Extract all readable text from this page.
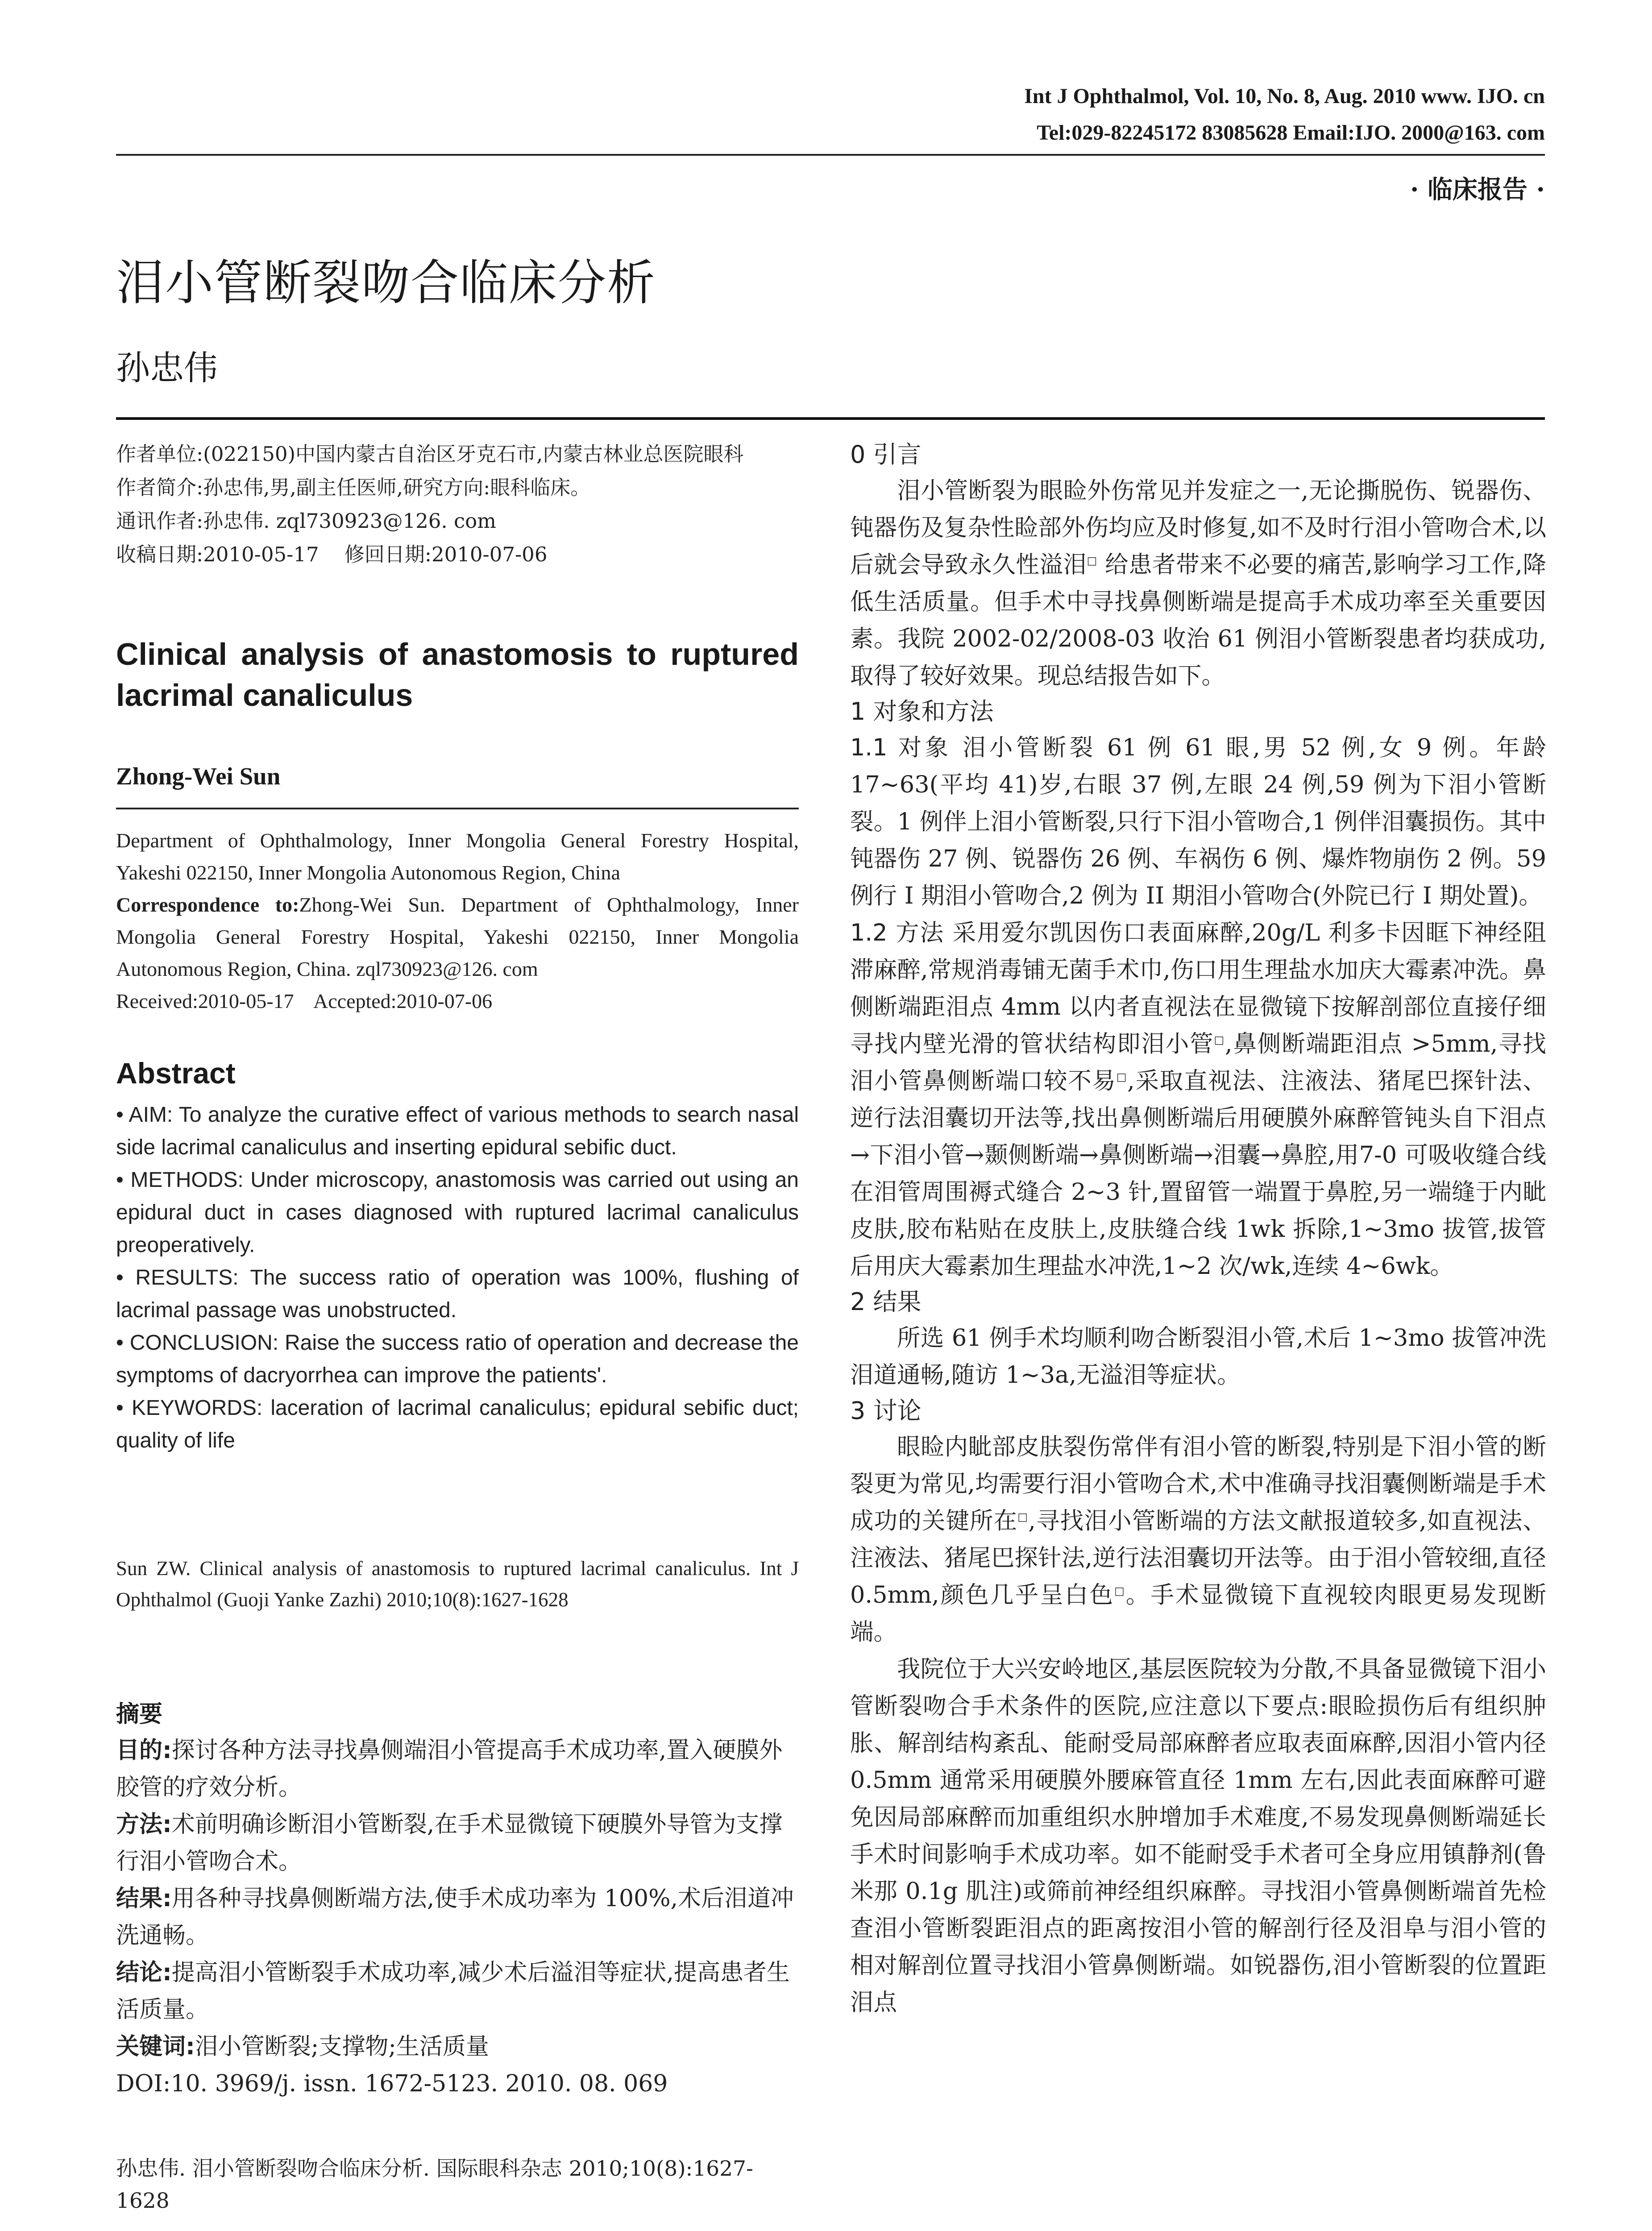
Int J Ophthalmol, Vol. 10, No. 8, Aug. 2010 www. IJO. cn
Tel:029-82245172 83085628 Email:IJO. 2000@163. com
· 临床报告 ·
泪小管断裂吻合临床分析
孙忠伟
作者单位:(022150)中国内蒙古自治区牙克石市,内蒙古林业总医院眼科
作者简介:孙忠伟,男,副主任医师,研究方向:眼科临床。
通讯作者:孙忠伟. zql730923@126. com
收稿日期:2010-05-17    修回日期:2010-07-06
Clinical analysis of anastomosis to ruptured lacrimal canaliculus
Zhong-Wei Sun
Department of Ophthalmology, Inner Mongolia General Forestry Hospital, Yakeshi 022150, Inner Mongolia Autonomous Region, China
Correspondence to:Zhong-Wei Sun. Department of Ophthalmology, Inner Mongolia General Forestry Hospital, Yakeshi 022150, Inner Mongolia Autonomous Region, China. zql730923@126. com
Received:2010-05-17    Accepted:2010-07-06
Abstract

• AIM: To analyze the curative effect of various methods to search nasal side lacrimal canaliculus and inserting epidural sebific duct.

• METHODS: Under microscopy, anastomosis was carried out using an epidural duct in cases diagnosed with ruptured lacrimal canaliculus preoperatively.

• RESULTS: The success ratio of operation was 100%, flushing of lacrimal passage was unobstructed.

• CONCLUSION: Raise the success ratio of operation and decrease the symptoms of dacryorrhea can improve the patients'.

• KEYWORDS: laceration of lacrimal canaliculus; epidural sebific duct; quality of life

Sun ZW. Clinical analysis of anastomosis to ruptured lacrimal canaliculus. Int J Ophthalmol (Guoji Yanke Zazhi) 2010;10(8):1627-1628
摘要
目的:探讨各种方法寻找鼻侧端泪小管提高手术成功率,置入硬膜外胶管的疗效分析。
方法:术前明确诊断泪小管断裂,在手术显微镜下硬膜外导管为支撑行泪小管吻合术。
结果:用各种寻找鼻侧断端方法,使手术成功率为 100%,术后泪道冲洗通畅。
结论:提高泪小管断裂手术成功率,减少术后溢泪等症状,提高患者生活质量。
关键词:泪小管断裂;支撑物;生活质量
DOI:10. 3969/j. issn. 1672-5123. 2010. 08. 069
孙忠伟. 泪小管断裂吻合临床分析. 国际眼科杂志 2010;10(8):1627-1628
0 引言

泪小管断裂为眼睑外伤常见并发症之一,无论撕脱伤、锐器伤、钝器伤及复杂性睑部外伤均应及时修复,如不及时行泪小管吻合术,以后就会导致永久性溢泪□ 给患者带来不必要的痛苦,影响学习工作,降低生活质量。但手术中寻找鼻侧断端是提高手术成功率至关重要因素。我院 2002-02/2008-03 收治 61 例泪小管断裂患者均获成功,取得了较好效果。现总结报告如下。

1 对象和方法

1.1 对象 泪小管断裂 61 例 61 眼,男 52 例,女 9 例。年龄 17~63(平均 41)岁,右眼 37 例,左眼 24 例,59 例为下泪小管断裂。1 例伴上泪小管断裂,只行下泪小管吻合,1 例伴泪囊损伤。其中钝器伤 27 例、锐器伤 26 例、车祸伤 6 例、爆炸物崩伤 2 例。59 例行 I 期泪小管吻合,2 例为 II 期泪小管吻合(外院已行 I 期处置)。

1.2 方法 采用爱尔凯因伤口表面麻醉,20g/L 利多卡因眶下神经阻滞麻醉,常规消毒铺无菌手术巾,伤口用生理盐水加庆大霉素冲洗。鼻侧断端距泪点 4mm 以内者直视法在显微镜下按解剖部位直接仔细寻找内壁光滑的管状结构即泪小管□,鼻侧断端距泪点 >5mm,寻找泪小管鼻侧断端口较不易□,采取直视法、注液法、猪尾巴探针法、逆行法泪囊切开法等,找出鼻侧断端后用硬膜外麻醉管钝头自下泪点→下泪小管→颞侧断端→鼻侧断端→泪囊→鼻腔,用7-0 可吸收缝合线在泪管周围褥式缝合 2~3 针,置留管一端置于鼻腔,另一端缝于内眦皮肤,胶布粘贴在皮肤上,皮肤缝合线 1wk 拆除,1~3mo 拔管,拔管后用庆大霉素加生理盐水冲洗,1~2 次/wk,连续 4~6wk。

2 结果

所选 61 例手术均顺利吻合断裂泪小管,术后 1~3mo 拔管冲洗泪道通畅,随访 1~3a,无溢泪等症状。

3 讨论

眼睑内眦部皮肤裂伤常伴有泪小管的断裂,特别是下泪小管的断裂更为常见,均需要行泪小管吻合术,术中准确寻找泪囊侧断端是手术成功的关键所在□,寻找泪小管断端的方法文献报道较多,如直视法、注液法、猪尾巴探针法,逆行法泪囊切开法等。由于泪小管较细,直径 0.5mm,颜色几乎呈白色□。手术显微镜下直视较肉眼更易发现断端。

我院位于大兴安岭地区,基层医院较为分散,不具备显微镜下泪小管断裂吻合手术条件的医院,应注意以下要点:眼睑损伤后有组织肿胀、解剖结构紊乱、能耐受局部麻醉者应取表面麻醉,因泪小管内径 0.5mm 通常采用硬膜外腰麻管直径 1mm 左右,因此表面麻醉可避免因局部麻醉而加重组织水肿增加手术难度,不易发现鼻侧断端延长手术时间影响手术成功率。如不能耐受手术者可全身应用镇静剂(鲁米那 0.1g 肌注)或筛前神经组织麻醉。寻找泪小管鼻侧断端首先检查泪小管断裂距泪点的距离按泪小管的解剖行径及泪阜与泪小管的相对解剖位置寻找泪小管鼻侧断端。如锐器伤,泪小管断裂的位置距泪点
